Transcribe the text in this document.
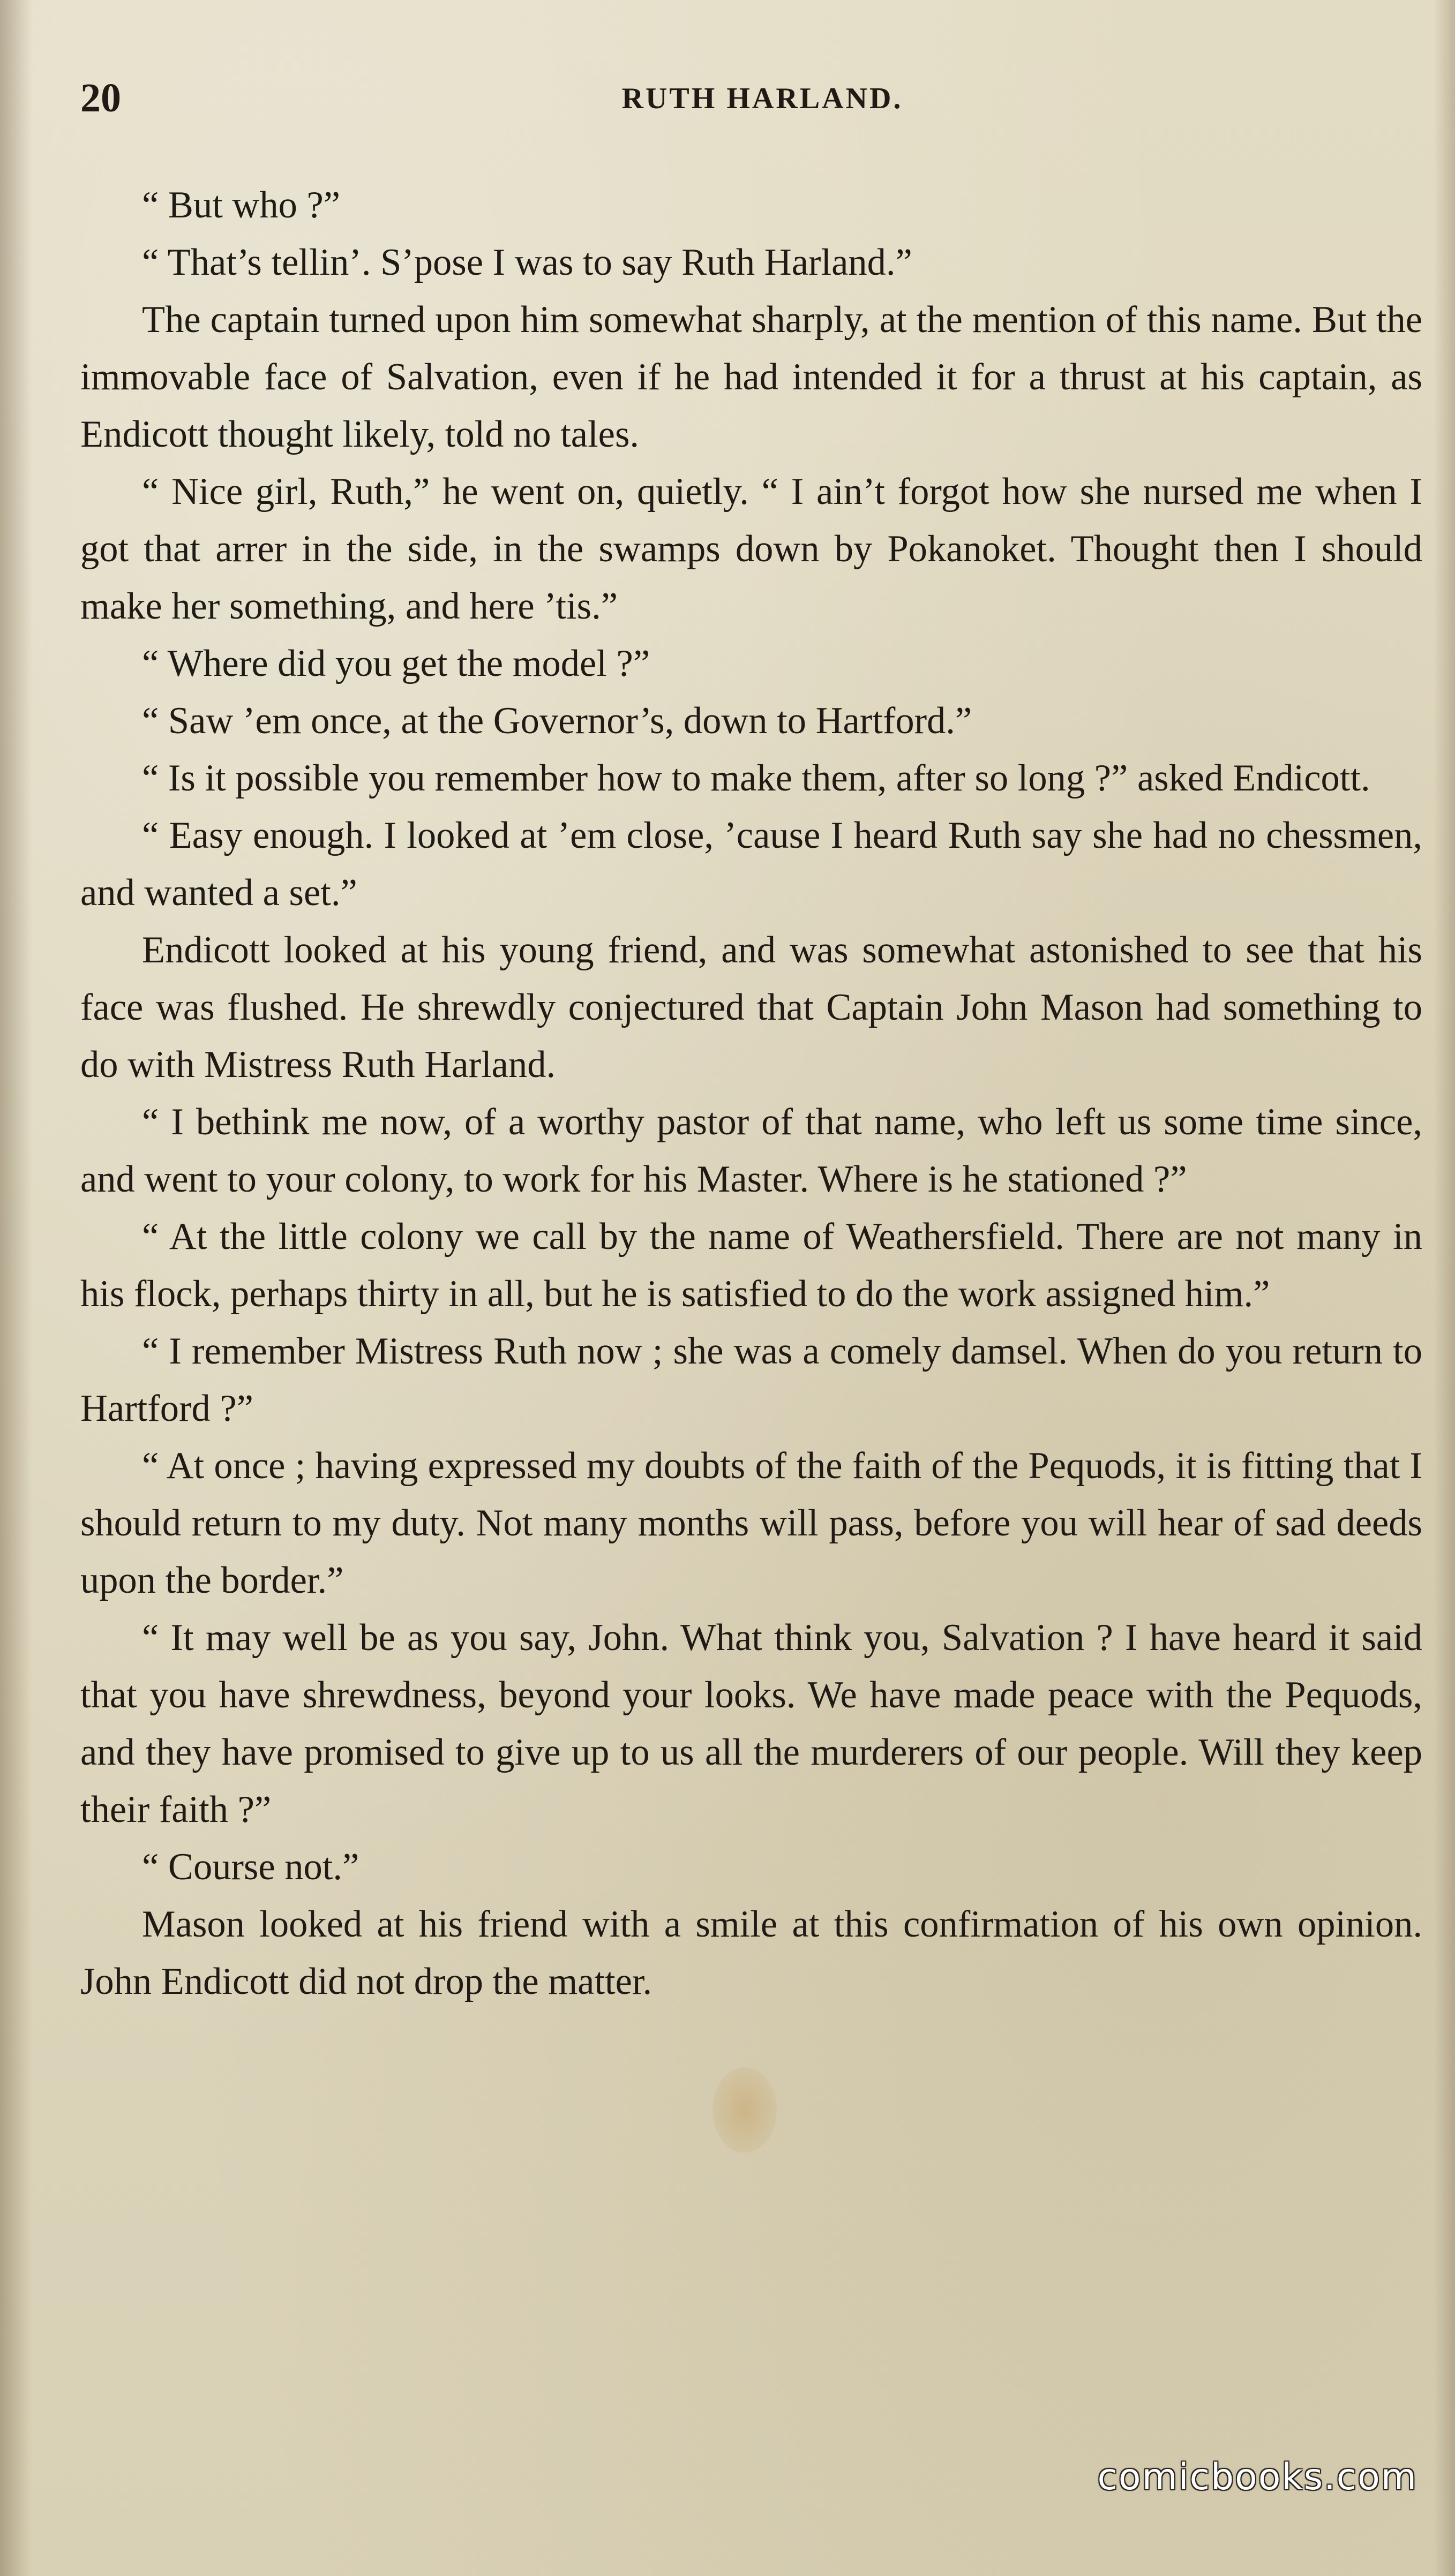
20	RUTH HARLAND.

“ But who ?”

“ That’s tellin’. S’pose I was to say Ruth Harland.”

The captain turned upon him somewhat sharply, at the mention of this name. But the immovable face of Salvation, even if he had intended it for a thrust at his captain, as Endicott thought likely, told no tales.

“ Nice girl, Ruth,” he went on, quietly. “ I ain’t forgot how she nursed me when I got that arrer in the side, in the swamps down by Pokanoket. Thought then I should make her something, and here ’tis.”

“ Where did you get the model ?”

“ Saw ’em once, at the Governor’s, down to Hartford.”

“ Is it possible you remember how to make them, after so long ?” asked Endicott.

“ Easy enough. I looked at ’em close, ’cause I heard Ruth say she had no chessmen, and wanted a set.”

Endicott looked at his young friend, and was somewhat astonished to see that his face was flushed. He shrewdly conjectured that Captain John Mason had something to do with Mistress Ruth Harland.

“ I bethink me now, of a worthy pastor of that name, who left us some time since, and went to your colony, to work for his Master. Where is he stationed ?”

“ At the little colony we call by the name of Weathersfield. There are not many in his flock, perhaps thirty in all, but he is satisfied to do the work assigned him.”

“ I remember Mistress Ruth now ; she was a comely damsel. When do you return to Hartford ?”

“ At once ; having expressed my doubts of the faith of the Pequods, it is fitting that I should return to my duty. Not many months will pass, before you will hear of sad deeds upon the border.”

“ It may well be as you say, John. What think you, Salvation ? I have heard it said that you have shrewdness, beyond your looks. We have made peace with the Pequods, and they have promised to give up to us all the murderers of our people. Will they keep their faith ?”

“ Course not.”

Mason looked at his friend with a smile at this confirmation of his own opinion. John Endicott did not drop the matter.

comicbooks.com
